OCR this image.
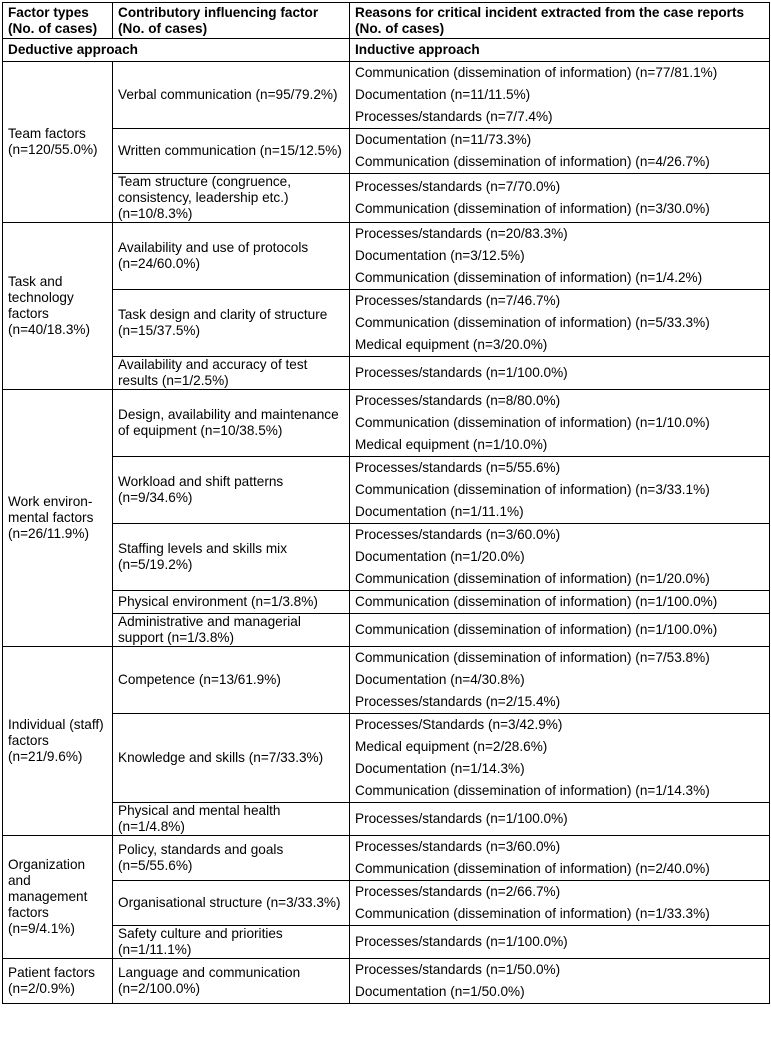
Factor types (No. of cases)	Contributory influencing factor (No. of cases)	Reasons for critical incident extracted from the case reports (No. of cases)
Deductive approach		Inductive approach
Team factors (n=120/55.0%)	Verbal communication (n=95/79.2%)	Communication (dissemination of information) (n=77/81.1%)
Documentation (n=11/11.5%)
Processes/standards (n=7/7.4%)

	Written communication (n=15/12.5%)	Documentation (n=11/73.3%)
Communication (dissemination of information) (n=4/26.7%)

	Team structure (congruence, consistency, leadership etc.) (n=10/8.3%)	Processes/standards (n=7/70.0%)
Communication (dissemination of information) (n=3/30.0%)

Task and technology factors (n=40/18.3%)	Availability and use of protocols (n=24/60.0%)	Processes/standards (n=20/83.3%)
Documentation (n=3/12.5%)
Communication (dissemination of information) (n=1/4.2%)

	Task design and clarity of structure (n=15/37.5%)	Processes/standards (n=7/46.7%)
Communication (dissemination of information) (n=5/33.3%)
Medical equipment (n=3/20.0%)

	Availability and accuracy of test results (n=1/2.5%)	Processes/standards (n=1/100.0%)

Work environ-mental factors (n=26/11.9%)	Design, availability and maintenance of equipment (n=10/38.5%)	Processes/standards (n=8/80.0%)
Communication (dissemination of information) (n=1/10.0%)
Medical equipment (n=1/10.0%)

	Workload and shift patterns (n=9/34.6%)	Processes/standards (n=5/55.6%)
Communication (dissemination of information) (n=3/33.1%)
Documentation (n=1/11.1%)

	Staffing levels and skills mix (n=5/19.2%)	Processes/standards (n=3/60.0%)
Documentation (n=1/20.0%)
Communication (dissemination of information) (n=1/20.0%)

	Physical environment (n=1/3.8%)	Communication (dissemination of information) (n=1/100.0%)

	Administrative and managerial support (n=1/3.8%)	Communication (dissemination of information) (n=1/100.0%)

Individual (staff) factors (n=21/9.6%)	Competence (n=13/61.9%)	Communication (dissemination of information) (n=7/53.8%)
Documentation (n=4/30.8%)
Processes/standards (n=2/15.4%)

	Knowledge and skills (n=7/33.3%)	Processes/Standards (n=3/42.9%)
Medical equipment (n=2/28.6%)
Documentation (n=1/14.3%)
Communication (dissemination of information) (n=1/14.3%)

	Physical and mental health (n=1/4.8%)	Processes/standards (n=1/100.0%)

Organization and management factors (n=9/4.1%)	Policy, standards and goals (n=5/55.6%)	Processes/standards (n=3/60.0%)
Communication (dissemination of information) (n=2/40.0%)

	Organisational structure (n=3/33.3%)	Processes/standards (n=2/66.7%)
Communication (dissemination of information) (n=1/33.3%)

	Safety culture and priorities (n=1/11.1%)	Processes/standards (n=1/100.0%)

Patient factors (n=2/0.9%)	Language and communication (n=2/100.0%)	Processes/standards (n=1/50.0%)
Documentation (n=1/50.0%)
